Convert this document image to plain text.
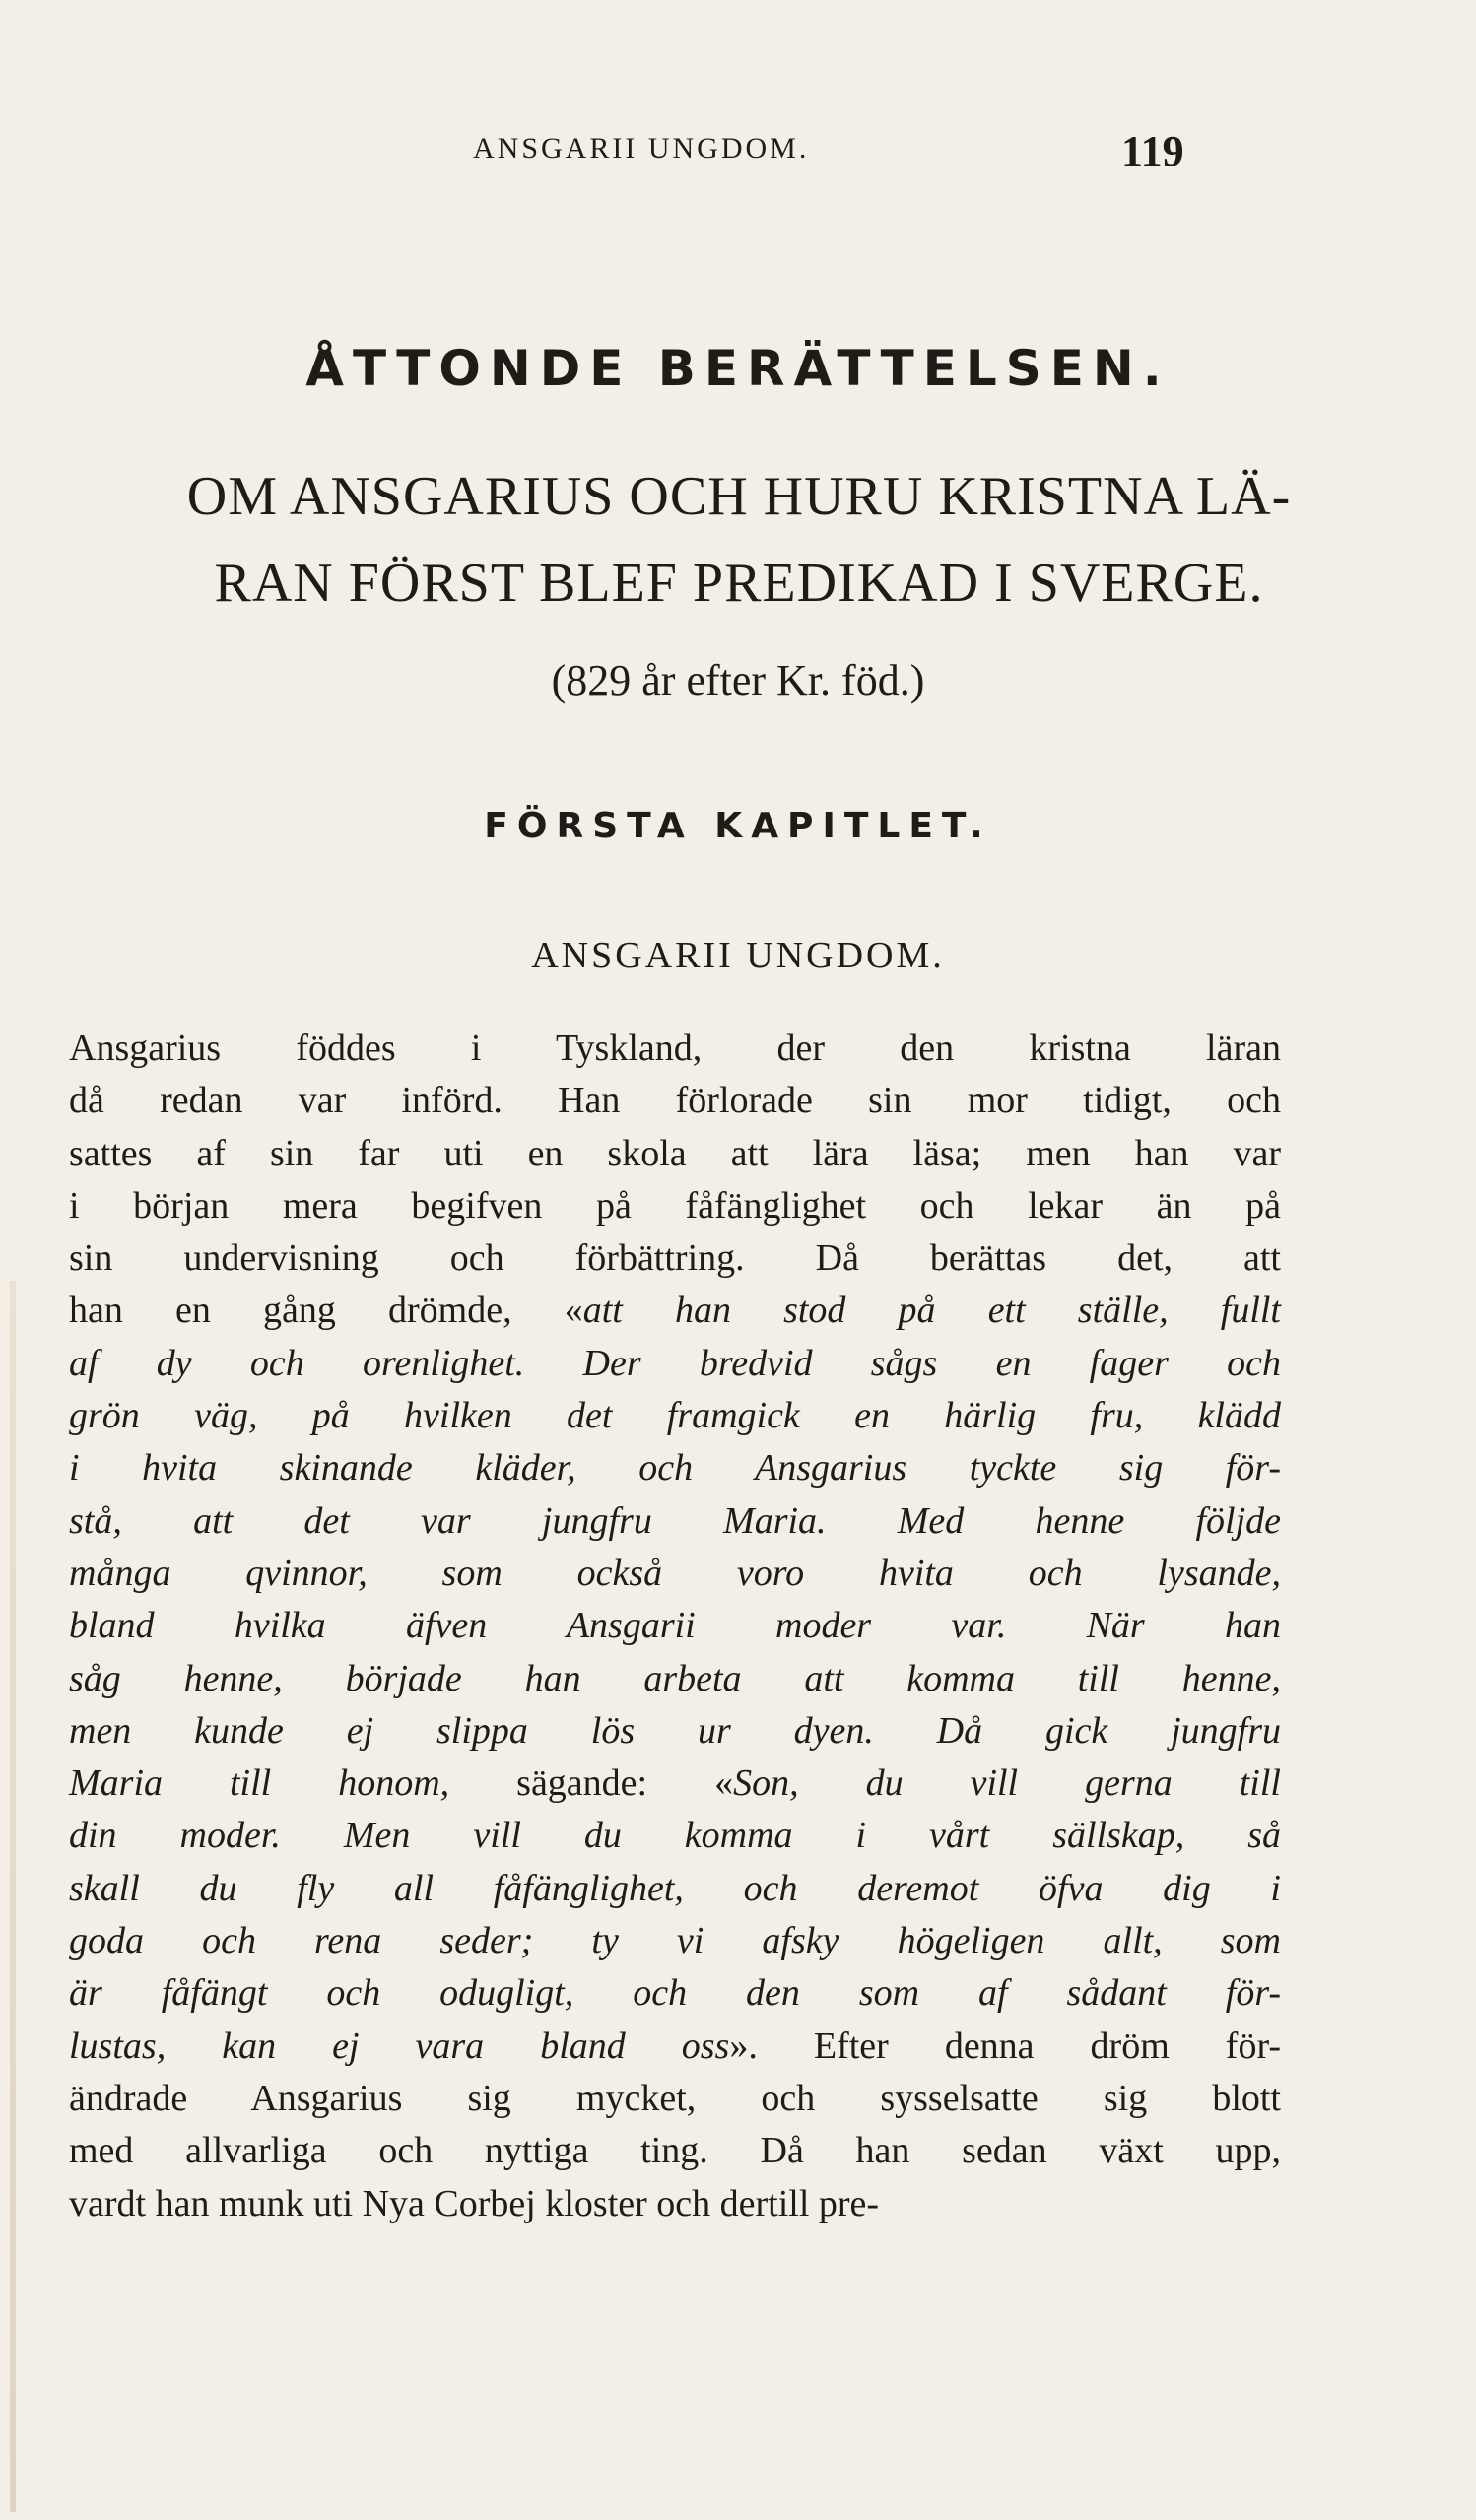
ANSGARII UNGDOM.	119
ÅTTONDE BERÄTTELSEN.
OM ANSGARIUS OCH HURU KRISTNA LÄ-
RAN FÖRST BLEF PREDIKAD I SVERGE.
(829 år efter Kr. föd.)
FÖRSTA KAPITLET.
ANSGARII UNGDOM.
Ansgarius föddes i Tyskland, der den kristna läran
då redan var införd. Han förlorade sin mor tidigt, och
sattes af sin far uti en skola att lära läsa; men han var
i början mera begifven på fåfänglighet och lekar än på
sin undervisning och förbättring. Då berättas det, att
han en gång drömde, «att han stod på ett ställe, fullt
af dy och orenlighet. Der bredvid sågs en fager och
grön väg, på hvilken det framgick en härlig fru, klädd
i hvita skinande kläder, och Ansgarius tyckte sig för-
stå, att det var jungfru Maria. Med henne följde
många qvinnor, som också voro hvita och lysande,
bland hvilka äfven Ansgarii moder var. När han
såg henne, började han arbeta att komma till henne,
men kunde ej slippa lös ur dyen. Då gick jungfru
Maria till honom, sägande: «Son, du vill gerna till
din moder. Men vill du komma i vårt sällskap, så
skall du fly all fåfänglighet, och deremot öfva dig i
goda och rena seder; ty vi afsky högeligen allt, som
är fåfängt och odugligt, och den som af sådant för-
lustas, kan ej vara bland oss». Efter denna dröm för-
ändrade Ansgarius sig mycket, och sysselsatte sig blott
med allvarliga och nyttiga ting. Då han sedan växt upp,
vardt han munk uti Nya Corbej kloster och dertill pre-
